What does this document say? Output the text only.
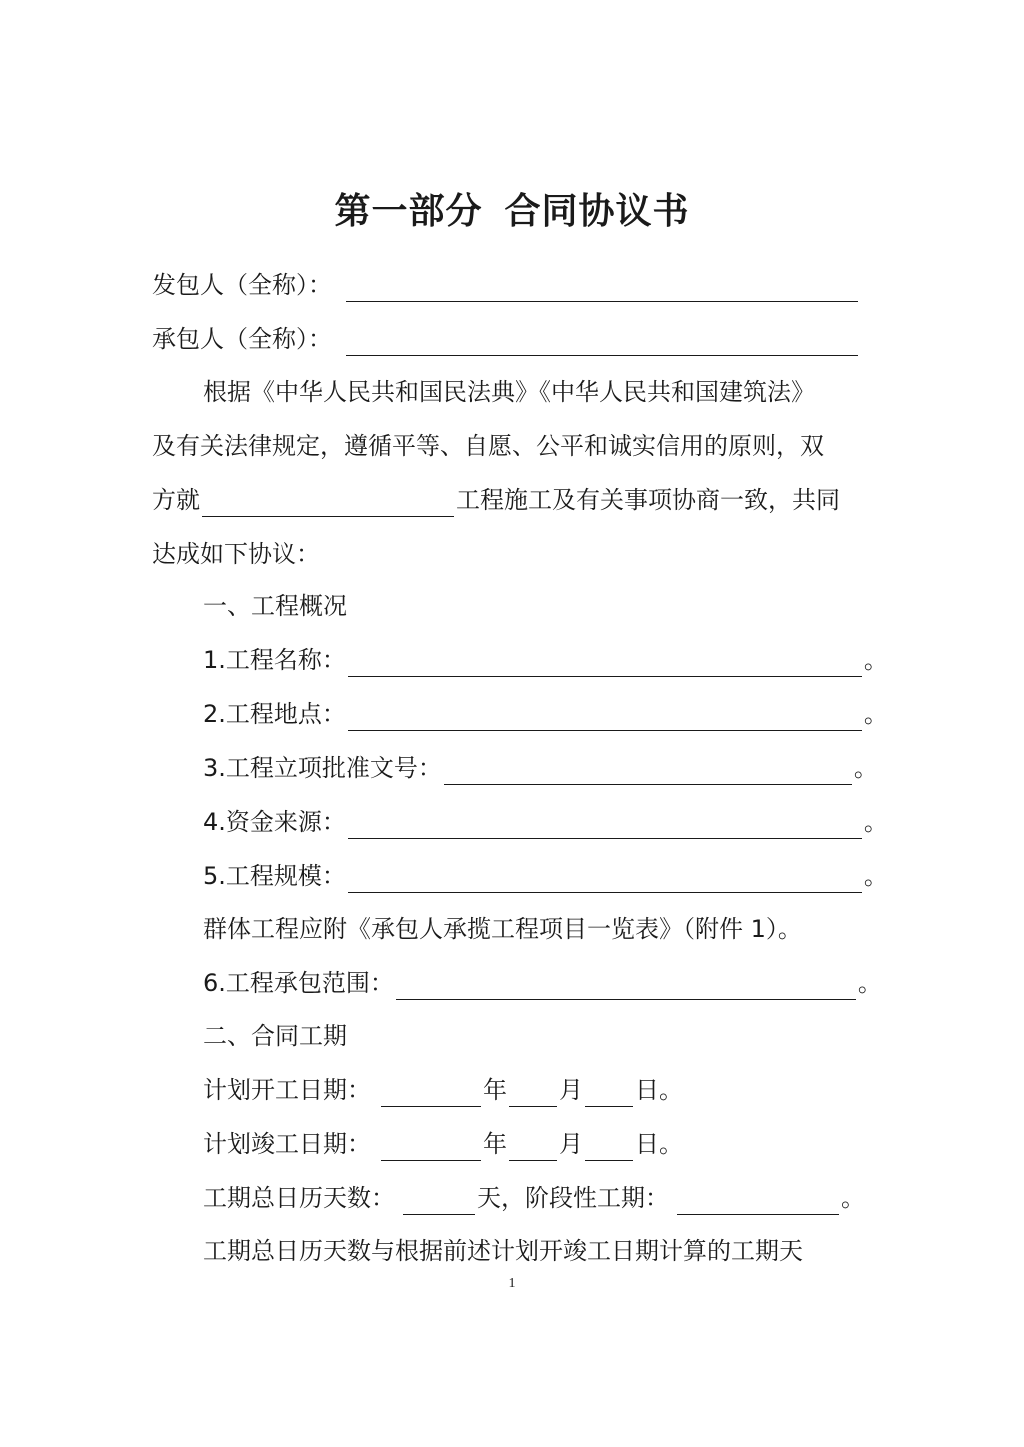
第一部分 合同协议书
发包人（全称）：
承包人（全称）：
根据《中华人民共和国民法典》《中华人民共和国建筑法》
及有关法律规定，遵循平等、自愿、公平和诚实信用的原则，双
方就	工程施工及有关事项协商一致，共同
达成如下协议：
一、工程概况
1.工程名称：	。
2.工程地点：	。
3.工程立项批准文号：	。
4.资金来源：	。
5.工程规模：	。
群体工程应附《承包人承揽工程项目一览表》（附件 1）。
6.工程承包范围：	。
二、合同工期
计划开工日期：	年 月 日。
计划竣工日期：	年 月 日。
工期总日历天数：	天， 阶段性工期：	。
工期总日历天数与根据前述计划开竣工日期计算的工期天
1
